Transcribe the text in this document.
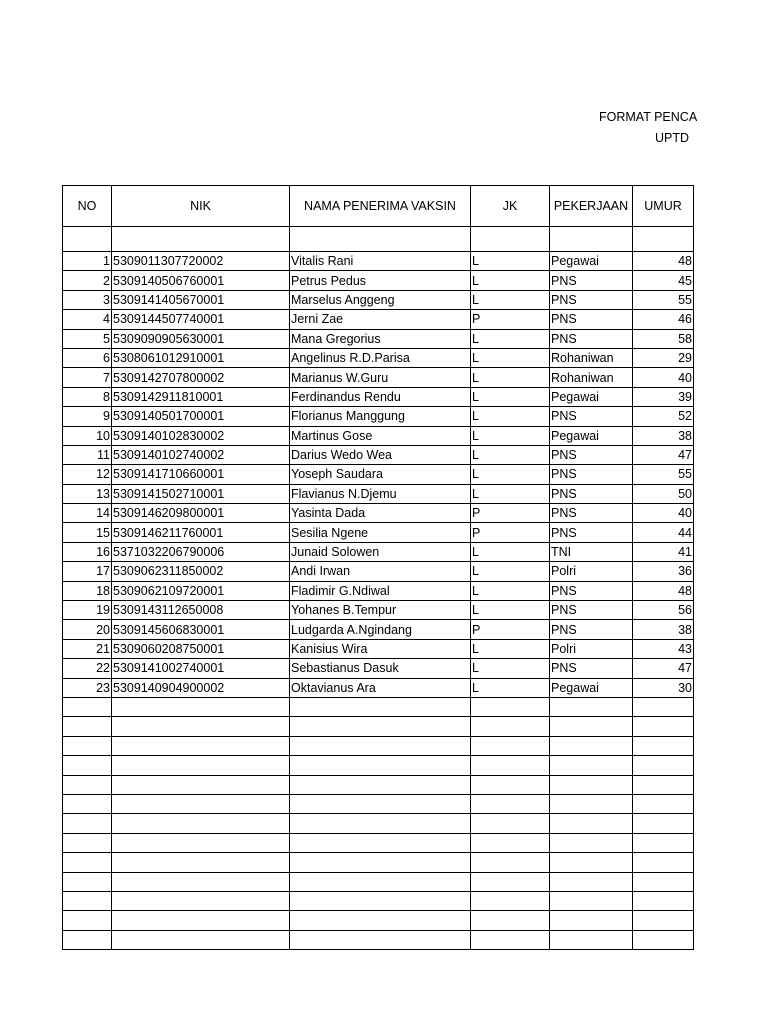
FORMAT PENCA
UPTD
NO	NIK	NAMA PENERIMA VAKSIN	JK	PEKERJAAN	UMUR

1	5309011307720002	Vitalis Rani	L	Pegawai	48
2	5309140506760001	Petrus Pedus	L	PNS	45
3	5309141405670001	Marselus Anggeng	L	PNS	55
4	5309144507740001	Jerni Zae	P	PNS	46
5	5309090905630001	Mana Gregorius	L	PNS	58
6	5308061012910001	Angelinus R.D.Parisa	L	Rohaniwan	29
7	5309142707800002	Marianus W.Guru	L	Rohaniwan	40
8	5309142911810001	Ferdinandus Rendu	L	Pegawai	39
9	5309140501700001	Florianus Manggung	L	PNS	52
10	5309140102830002	Martinus Gose	L	Pegawai	38
11	5309140102740002	Darius Wedo Wea	L	PNS	47
12	5309141710660001	Yoseph Saudara	L	PNS	55
13	5309141502710001	Flavianus N.Djemu	L	PNS	50
14	5309146209800001	Yasinta Dada	P	PNS	40
15	5309146211760001	Sesilia Ngene	P	PNS	44
16	5371032206790006	Junaid Solowen	L	TNI	41
17	5309062311850002	Andi Irwan	L	Polri	36
18	5309062109720001	Fladimir G.Ndiwal	L	PNS	48
19	5309143112650008	Yohanes B.Tempur	L	PNS	56
20	5309145606830001	Ludgarda A.Ngindang	P	PNS	38
21	5309060208750001	Kanisius Wira	L	Polri	43
22	5309141002740001	Sebastianus Dasuk	L	PNS	47
23	5309140904900002	Oktavianus Ara	L	Pegawai	30
